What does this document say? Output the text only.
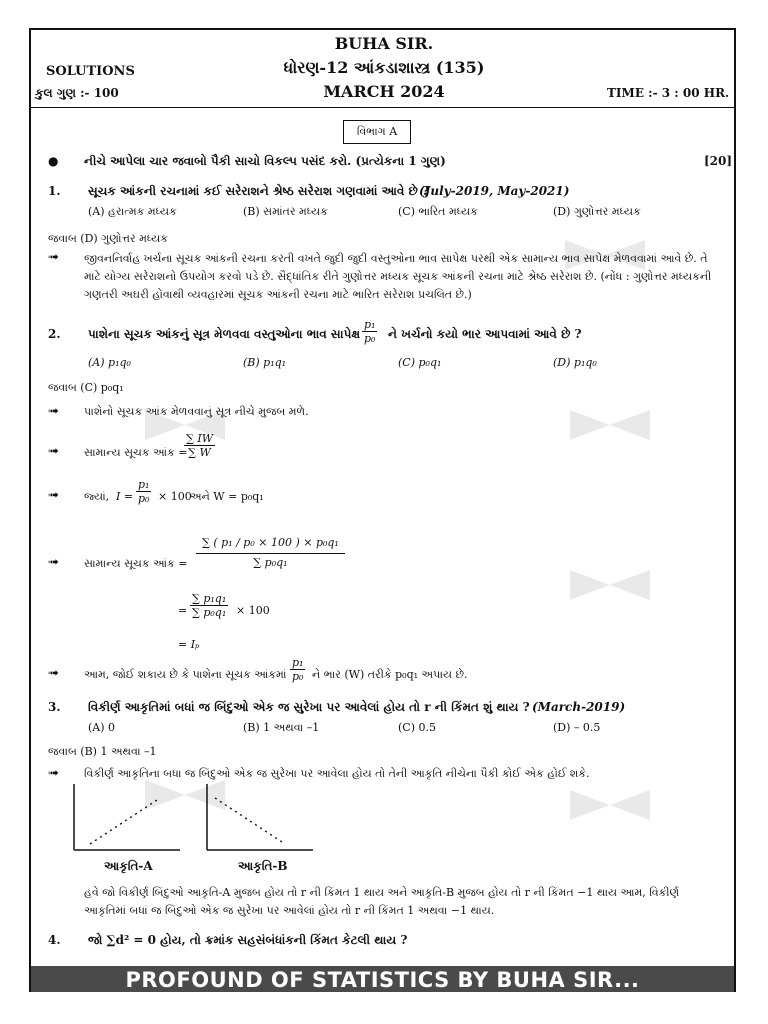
BUHA SIR.
ધોરણ-12 આંકડાશાસ્ત્ર (135)
MARCH 2024
SOLUTIONS
કુલ ગુણ :- 100	TIME :- 3 : 00 HR.
વિભાગ A
● નીચે આપેલા ચાર જવાબો પૈકી સાચો વિકલ્પ પસંદ કરો. (પ્રત્યેકના 1 ગુણ)	[20]
1. સૂચક આંકની રચનામાં કઈ સરેરાશને શ્રેષ્ઠ સરેરાશ ગણવામાં આવે છે ?
(July-2019, May-2021)
(A) હરાત્મક મધ્યક	(B) સમાંતર મધ્યક	(C) ભારિત મધ્યક	(D) ગુણોત્તર મધ્યક
જવાબ (D) ગુણોત્તર મધ્યક
➟ જીવનનિર્વાહ ખર્ચના સૂચક આંકની રચના કરતી વખતે જુદી જુદી વસ્તુઓના ભાવ સાપેક્ષ પરથી એક સામાન્ય ભાવ સાપેક્ષ મેળવવામાં આવે છે. તે માટે યોગ્ય સરેરાશનો ઉપયોગ કરવો પડે છે. સૈદ્ધાંતિક રીતે ગુણોત્તર મધ્યક સૂચક આંકની રચના માટે શ્રેષ્ઠ સરેરાશ છે. (નોંધ : ગુણોત્તર મધ્યકની ગણતરી અઘરી હોવાથી વ્યવહારમાં સૂચક આંકની રચના માટે ભારિત સરેરાશ પ્રચલિત છે.)
2. પાશેના સૂચક આંકનું સૂત્ર મેળવવા વસ્તુઓના ભાવ સાપેક્ષ $\frac{\text{p₁}}{\text{p₀}}$ ને ખર્ચનો કયો ભાર આપવામાં આવે છે ?
(A) p₁q₀	(B) p₁q₁	(C) p₀q₁	(D) p₁q₀
જવાબ (C) p₀q₁
➟ પાશેનો સૂચક આંક મેળવવાનું સૂત્ર નીચે મુજબ મળે.
➟ સામાન્ય સૂચક આંક =
$\frac{\sum IW}{\sum W}$
➟ જ્યાં, $I = \frac{\text{p₁}}{\text{p₀}} \times 100$
અને W = p₀q₁
➟ સામાન્ય સૂચક આંક = $\frac{\text{∑ ( p₁ / p₀ × 100 ) × p₀q₁}}{\text{∑ p₀q₁}}$
= $\frac{\text{∑ p₁q₁}}{\text{∑ p₀q₁}} \times 100$
= Iₚ
➟ આમ, જોઈ શકાય છે કે પાશેના સૂચક આંકમાં $\frac{\text{p₁}}{\text{p₀}}$ ને ભાર (W) તરીકે p₀q₁ અપાય છે.
3. વિકીર્ણ આકૃતિમાં બધાં જ બિંદુઓ એક જ સુરેખા પર આવેલાં હોય તો r ની કિંમત શું થાય ? (March-2019)
(A) 0	(B) 1 અથવા –1	(C) 0.5	(D) – 0.5
જવાબ (B) 1 અથવા –1
➟ વિકીર્ણ આકૃતિના બધા જ બિંદુઓ એક જ સુરેખા પર આવેલા હોય તો તેની આકૃતિ નીચેના પૈકી કોઈ એક હોઈ શકે.
આકૃતિ-A	આકૃતિ-B
હવે જો વિકીર્ણ બિંદુઓ આકૃતિ-A મુજબ હોય તો r ની કિંમત 1 થાય અને આકૃતિ-B મુજબ હોય તો r ની કિંમત −1 થાય આમ, વિકીર્ણ આકૃતિમાં બધાં જ બિંદુઓ એક જ સુરેખા પર આવેલાં હોય તો r ની કિંમત 1 અથવા −1 થાય.
4. જો ∑d² = 0 હોય, તો ક્રમાંક સહસંબંધાંકની કિંમત કેટલી થાય ?
PROFOUND OF STATISTICS BY BUHA SIR...
